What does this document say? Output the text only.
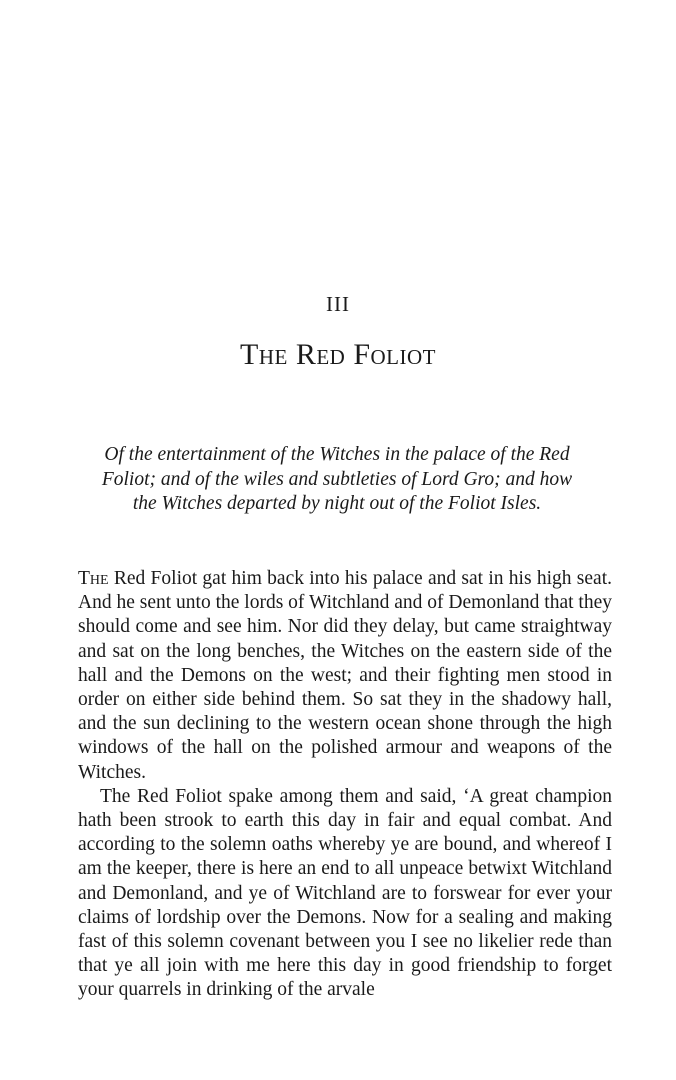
III
The Red Foliot

Of the entertainment of the Witches in the palace of the Red Foliot; and of the wiles and subtleties of Lord Gro; and how the Witches departed by night out of the Foliot Isles.

The Red Foliot gat him back into his palace and sat in his high seat. And he sent unto the lords of Witchland and of Demonland that they should come and see him. Nor did they delay, but came straightway and sat on the long benches, the Witches on the eastern side of the hall and the Demons on the west; and their fighting men stood in order on either side behind them. So sat they in the shadowy hall, and the sun declining to the western ocean shone through the high windows of the hall on the polished armour and weapons of the Witches.

The Red Foliot spake among them and said, ‘A great champion hath been strook to earth this day in fair and equal combat. And according to the solemn oaths whereby ye are bound, and whereof I am the keeper, there is here an end to all unpeace betwixt Witchland and Demonland, and ye of Witchland are to forswear for ever your claims of lordship over the Demons. Now for a sealing and making fast of this solemn covenant between you I see no likelier rede than that ye all join with me here this day in good friendship to forget your quarrels in drinking of the arvale
